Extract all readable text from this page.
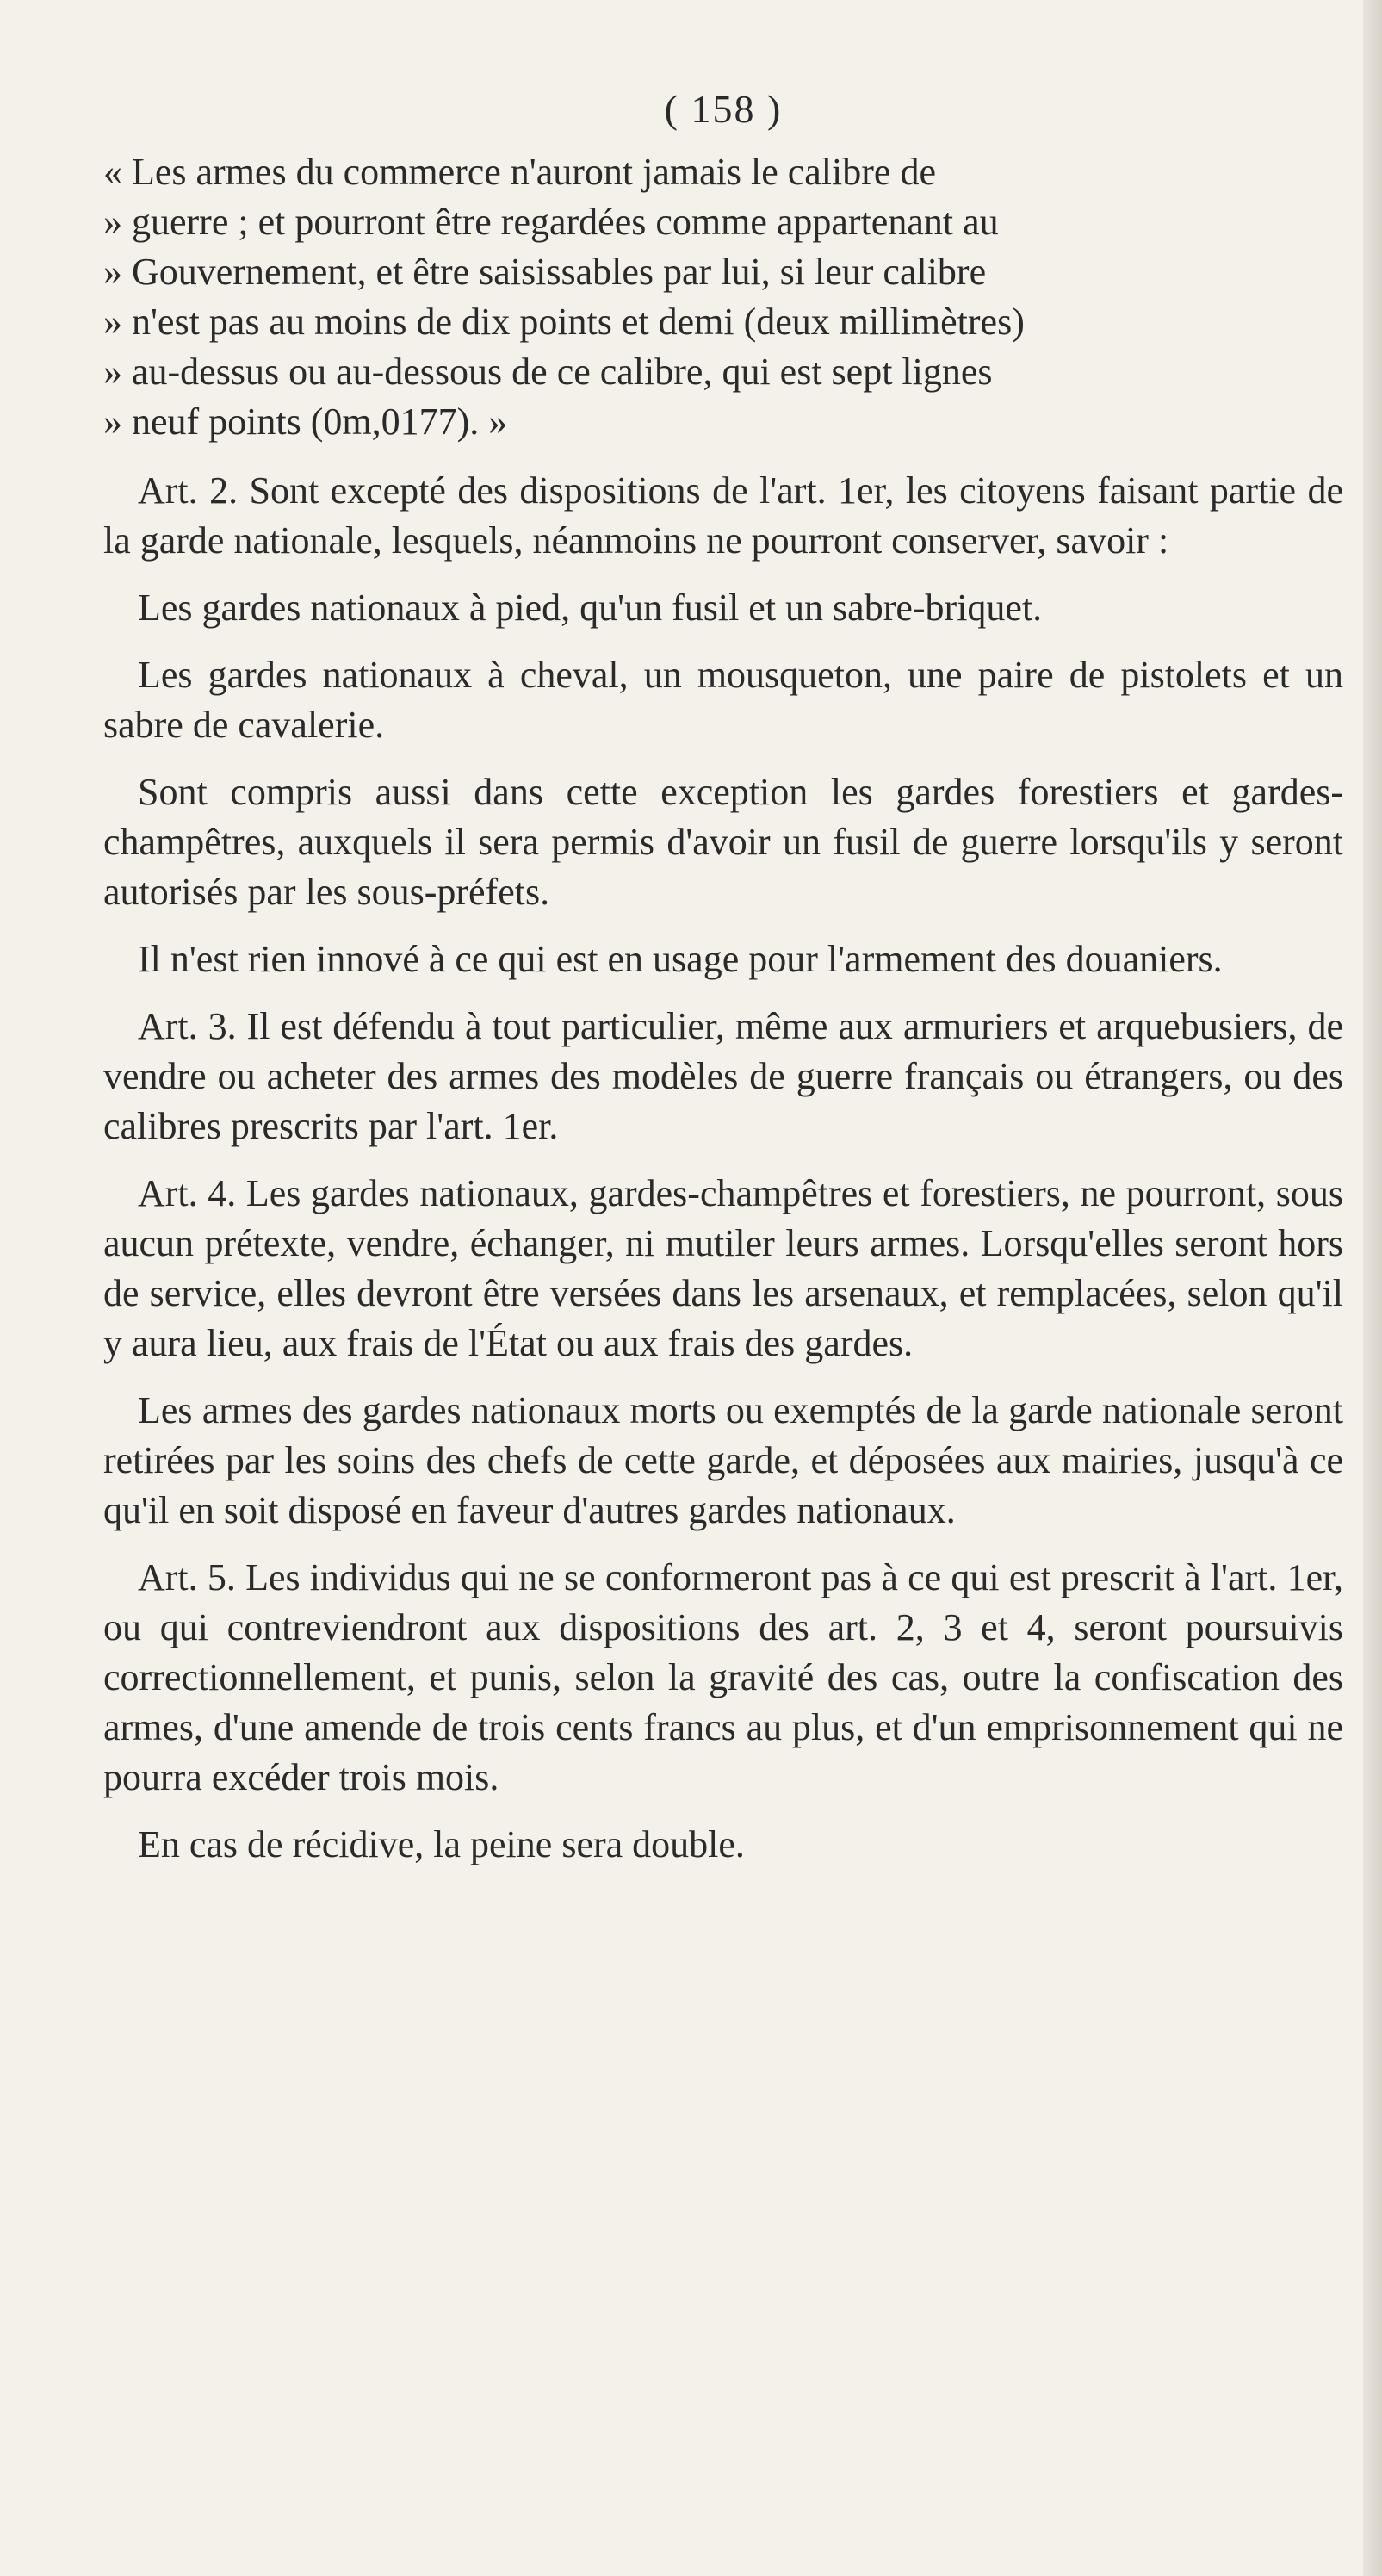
( 158 )

« Les armes du commerce n'auront jamais le calibre de

» guerre ; et pourront être regardées comme appartenant au

» Gouvernement, et être saisissables par lui, si leur calibre

» n'est pas au moins de dix points et demi (deux millimètres)

» au-dessus ou au-dessous de ce calibre, qui est sept lignes

» neuf points (0m,0177). »

Art. 2. Sont excepté des dispositions de l'art. 1er, les citoyens faisant partie de la garde nationale, lesquels, néanmoins ne pourront conserver, savoir :

Les gardes nationaux à pied, qu'un fusil et un sabre-briquet.

Les gardes nationaux à cheval, un mousqueton, une paire de pistolets et un sabre de cavalerie.

Sont compris aussi dans cette exception les gardes forestiers et gardes-champêtres, auxquels il sera permis d'avoir un fusil de guerre lorsqu'ils y seront autorisés par les sous-préfets.

Il n'est rien innové à ce qui est en usage pour l'armement des douaniers.

Art. 3. Il est défendu à tout particulier, même aux armuriers et arquebusiers, de vendre ou acheter des armes des modèles de guerre français ou étrangers, ou des calibres prescrits par l'art. 1er.

Art. 4. Les gardes nationaux, gardes-champêtres et forestiers, ne pourront, sous aucun prétexte, vendre, échanger, ni mutiler leurs armes. Lorsqu'elles seront hors de service, elles devront être versées dans les arsenaux, et remplacées, selon qu'il y aura lieu, aux frais de l'État ou aux frais des gardes.

Les armes des gardes nationaux morts ou exemptés de la garde nationale seront retirées par les soins des chefs de cette garde, et déposées aux mairies, jusqu'à ce qu'il en soit disposé en faveur d'autres gardes nationaux.

Art. 5. Les individus qui ne se conformeront pas à ce qui est prescrit à l'art. 1er, ou qui contreviendront aux dispositions des art. 2, 3 et 4, seront poursuivis correctionnellement, et punis, selon la gravité des cas, outre la confiscation des armes, d'une amende de trois cents francs au plus, et d'un emprisonnement qui ne pourra excéder trois mois.

En cas de récidive, la peine sera double.
